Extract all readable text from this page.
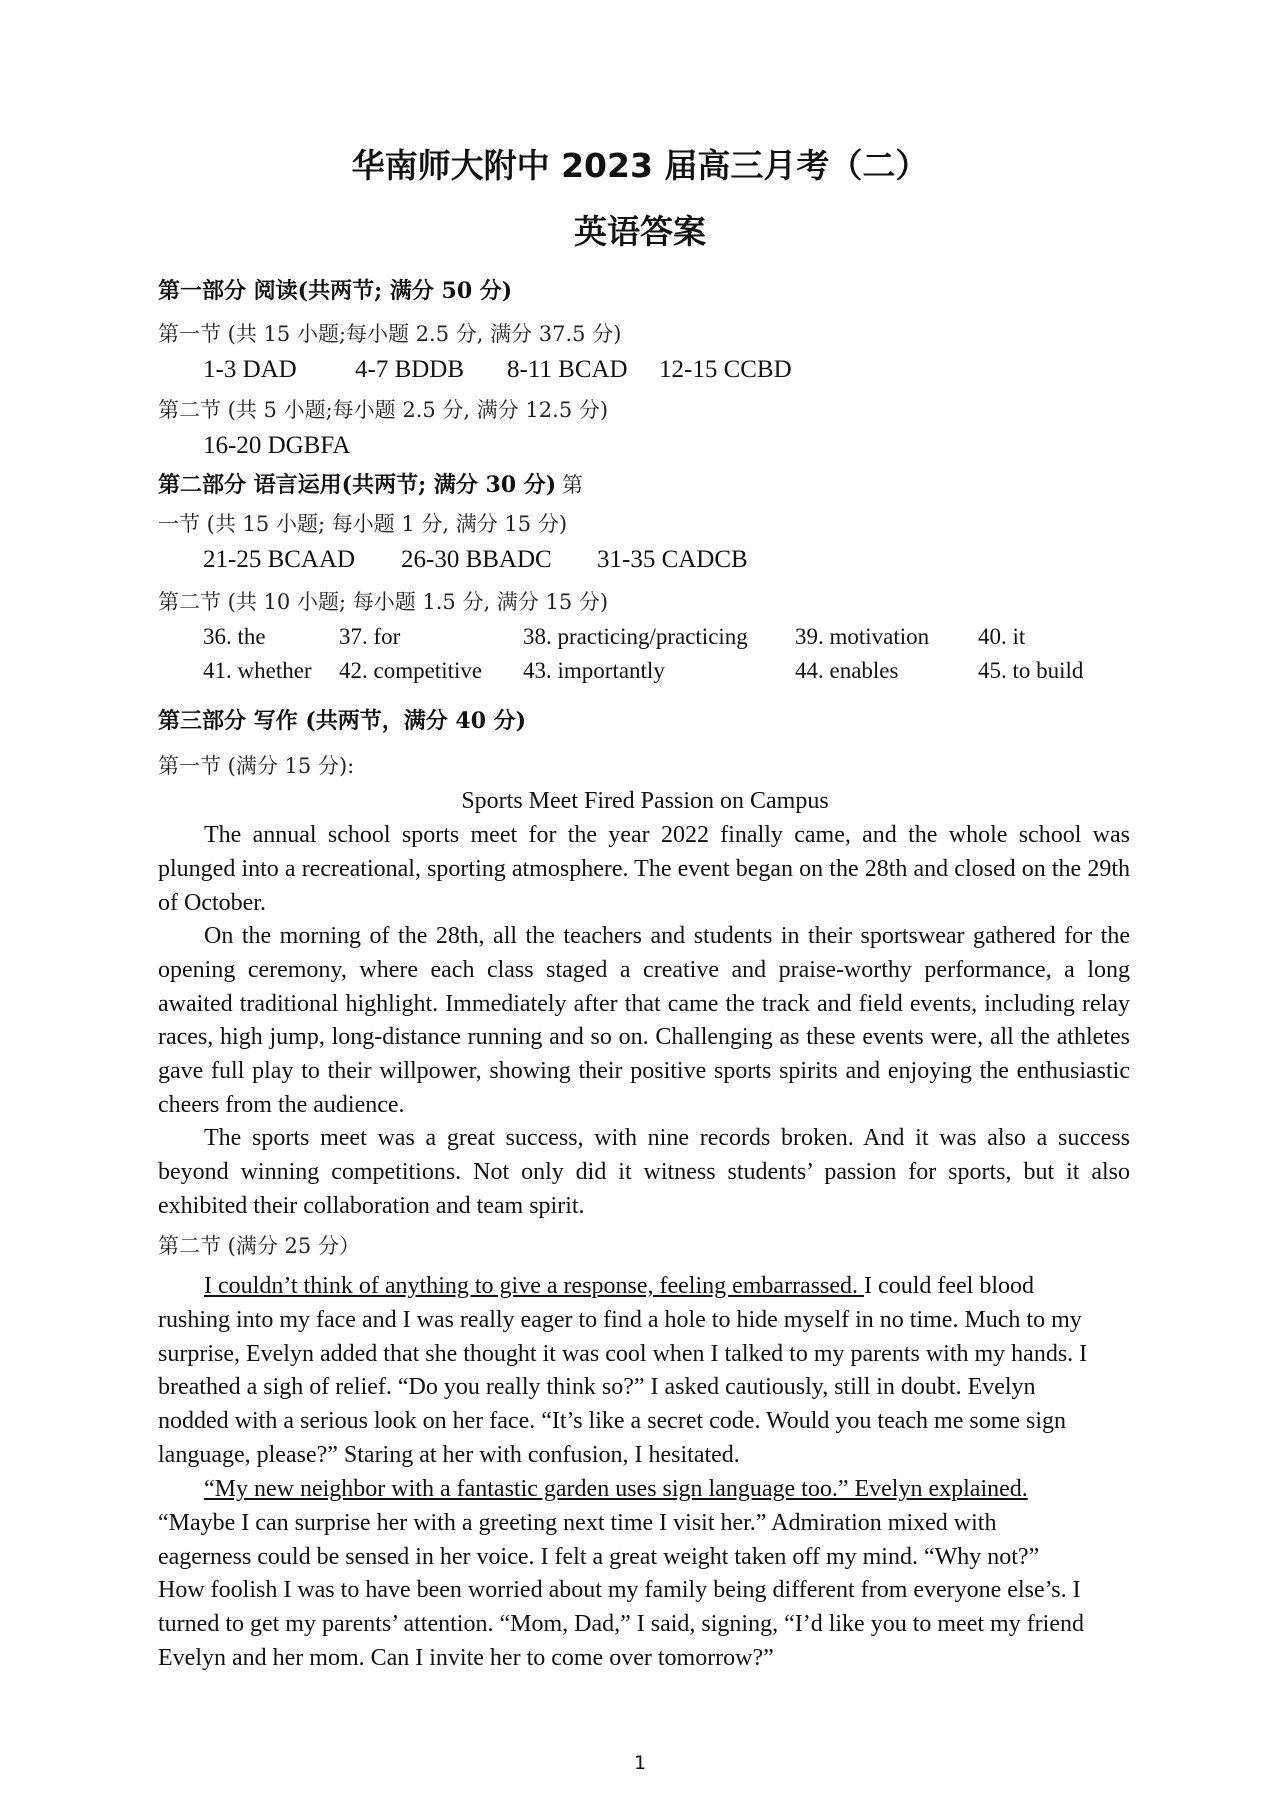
华南师大附中 2023 届高三月考（二）
英语答案
第一部分 阅读(共两节; 满分 50 分)
第一节 (共 15 小题;每小题 2.5 分, 满分 37.5 分)
1-3 DAD 4-7 BDDB 8-11 BCAD 12-15 CCBD
第二节 (共 5 小题;每小题 2.5 分, 满分 12.5 分)
16-20 DGBFA
第二部分 语言运用(共两节; 满分 30 分) 第
一节 (共 15 小题; 每小题 1 分, 满分 15 分)
21-25 BCAAD 26-30 BBADC 31-35 CADCB
第二节 (共 10 小题; 每小题 1.5 分, 满分 15 分)
36. the	37. for	38. practicing/practicing 39. motivation 40. it
41. whether 42. competitive 43. importantly	44. enables	45. to build
第三部分 写作 (共两节，满分 40 分)
第一节 (满分 15 分):
Sports Meet Fired Passion on Campus

The annual school sports meet for the year 2022 finally came, and the whole school was plunged into a recreational, sporting atmosphere. The event began on the 28th and closed on the 29th of October.

On the morning of the 28th, all the teachers and students in their sportswear gathered for the opening ceremony, where each class staged a creative and praise-worthy performance, a long awaited traditional highlight. Immediately after that came the track and field events, including relay races, high jump, long-distance running and so on. Challenging as these events were, all the athletes gave full play to their willpower, showing their positive sports spirits and enjoying the enthusiastic cheers from the audience.

The sports meet was a great success, with nine records broken. And it was also a success beyond winning competitions. Not only did it witness students’ passion for sports, but it also exhibited their collaboration and team spirit.

第二节 (满分 25 分）

I couldn’t think of anything to give a response, feeling embarrassed. I could feel blood rushing into my face and I was really eager to find a hole to hide myself in no time. Much to my surprise, Evelyn added that she thought it was cool when I talked to my parents with my hands. I breathed a sigh of relief. “Do you really think so?” I asked cautiously, still in doubt. Evelyn nodded with a serious look on her face. “It’s like a secret code. Would you teach me some sign language, please?” Staring at her with confusion, I hesitated.

“My new neighbor with a fantastic garden uses sign language too.” Evelyn explained. “Maybe I can surprise her with a greeting next time I visit her.” Admiration mixed with eagerness could be sensed in her voice. I felt a great weight taken off my mind. “Why not?” How foolish I was to have been worried about my family being different from everyone else’s. I turned to get my parents’ attention. “Mom, Dad,” I said, signing, “I’d like you to meet my friend Evelyn and her mom. Can I invite her to come over tomorrow?”

1
